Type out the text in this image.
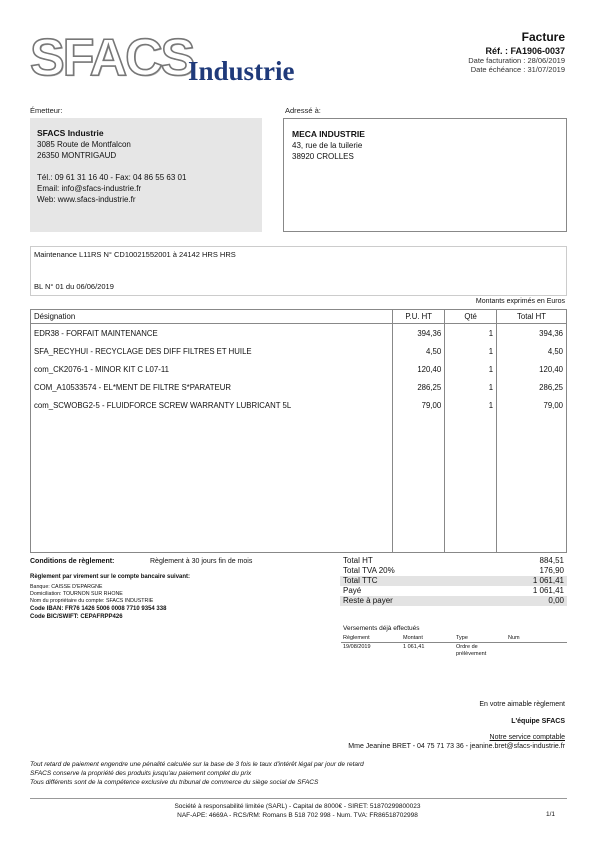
SFACS
Industrie
Facture
Réf. : FA1906-0037
Date facturation : 28/06/2019
Date échéance : 31/07/2019
Émetteur:	Adressé à:
SFACS Industrie
3085 Route de Montfalcon
26350 MONTRIGAUD
Tél.: 09 61 31 16 40 - Fax: 04 86 55 63 01
Email: info@sfacs-industrie.fr
Web: www.sfacs-industrie.fr
MECA INDUSTRIE
43, rue de la tuilerie
38920 CROLLES
Maintenance L11RS N° CD10021552001 à 24142 HRS HRS
BL N° 01 du 06/06/2019
Montants exprimés en Euros
Désignation	P.U. HT	Qté	Total HT
EDR38 - FORFAIT MAINTENANCE	394,36	1	394,36
SFA_RECYHUI - RECYCLAGE DES DIFF FILTRES ET HUILE	4,50	1	4,50
com_CK2076-1 - MINOR KIT C L07-11	120,40	1	120,40
COM_A10533574 - EL*MENT DE FILTRE S*PARATEUR	286,25	1	286,25
com_SCWOBG2-5 - FLUIDFORCE SCREW WARRANTY LUBRICANT 5L	79,00	1	79,00

Conditions de règlement:	Règlement à 30 jours fin de mois
Règlement par virement sur le compte bancaire suivant:
Banque: CAISSE D'EPARGNE
Domiciliation: TOURNON SUR RHONE
Nom du propriétaire du compte: SFACS INDUSTRIE
Code IBAN: FR76 1426 5006 0008 7710 9354 338
Code BIC/SWIFT: CEPAFRPP426
Total HT	884,51
Total TVA 20%	176,90
Total TTC	1 061,41
Payé	1 061,41
Reste à payer	0,00
Versements déjà effectués
Règlement	Montant	Type	Num
19/08/2019	1 061,41	Ordre de prélèvement
En votre aimable règlement
L'équipe SFACS
Notre service comptable
Mme Jeanine BRET - 04 75 71 73 36 - jeanine.bret@sfacs-industrie.fr
Tout retard de paiement engendre une pénalité calculée sur la base de 3 fois le taux d'intérêt légal par jour de retard
SFACS conserve la propriété des produits jusqu'au paiement complet du prix
Tous différents sont de la compétence exclusive du tribunal de commerce du siège social de SFACS
Société à responsabilité limitée (SARL) - Capital de 8000€ - SIRET: 51870299800023
NAF-APE: 4669A - RCS/RM: Romans B 518 702 998 - Num. TVA: FR86518702998	1/1
